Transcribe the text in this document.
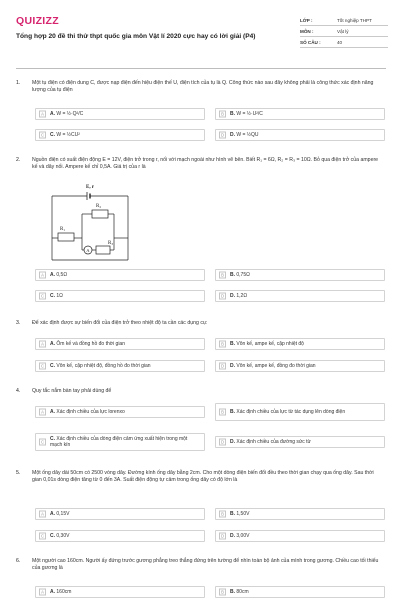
QUIZIZZ
Tổng hợp 20 đề thi thử thpt quốc gia môn Vật lí 2020 cực hay có lời giải (P4)
LỚP :	Tốt nghiệp THPT
MÔN :	Vật lý
SỐ CÂU :	40
1. Một tụ điện có điện dung C, được nạp điện đến hiệu điện thế U, điện tích của tụ là Q. Công thức nào sau đây không phải là công thức xác định năng lượng của tụ điện
A	A. W = ½·Q²/C	B	B. W = ½·U²/C
C	C. W = ½CU²	D	D. W = ½QU
2. Nguồn điện có suất điện động E = 12V, điện trở trong r, nối với mạch ngoài như hình vẽ bên. Biết R₁ = 6Ω, R₂ = R₃ = 10Ω. Bỏ qua điện trở của ampere kế và dây nối. Ampere kế chỉ 0,5A. Giá trị của r là
E, r
R₁
R₂
A
R₃
A	A. 0,5Ω	B	B. 0,75Ω
C	C. 1Ω	D	D. 1,2Ω
3. Để xác định được sự biến đổi của điện trở theo nhiệt độ ta cần các dụng cụ:
A	A. Ôm kế và đồng hồ đo thời gian	B	B. Vôn kế, ampe kế, cặp nhiệt độ
C	C. Vôn kế, cặp nhiệt độ, đồng hồ đo thời gian	D	D. Vôn kế, ampe kế, đồng đo thời gian
4. Quy tắc nắm bàn tay phải dùng để
A	A. Xác định chiều của lực lorenxo	B	B. Xác định chiều của lực từ tác dụng lên dòng điện
C
C. Xác định chiều của dòng điện cảm ứng xuất hiện trong một mạch kín	D	D. Xác định chiều của đường sức từ
5. Một ống dây dài 50cm có 2500 vòng dây. Đường kính ống dây bằng 2cm. Cho một dòng điện biến đổi đều theo thời gian chạy qua ống dây. Sau thời gian 0,01s dòng điện tăng từ 0 đến 3A. Suất điện động tự cảm trong ống dây có độ lớn là
A	A. 0,15V	B	B. 1,50V
C	C. 0,30V	D	D. 3,00V
6. Một người cao 160cm. Người ấy đứng trước gương phẳng treo thẳng đứng trên tường để nhìn toàn bộ ảnh của mình trong gương. Chiều cao tối thiểu của gương là
A	A. 160cm	B	B. 80cm
